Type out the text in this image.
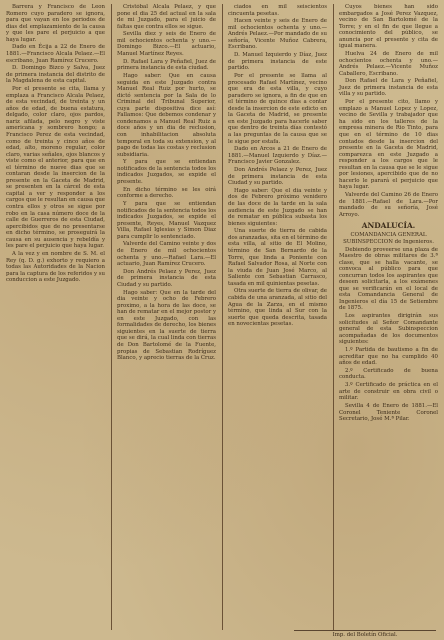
Barrera y Francisco de Leon Romero cuyo paradero se ignora, para que vayan en los periodos de dias del emplazamiento de la causa y que les pare el perjuicio a que haya lugar.

Dado en Écija a 22 de Enero de 1881.—Francisco Alcala Pelaez.—El escribano, Juan Ramírez Crucero.

D. Domingo Bizco y Salva, Juez de primera instancia del distrito de la Magdalena de esta capital.

Por el presente se cita, llama y emplaza a Francisco Alcala Pelaez, de esta vecindad, de treinta y un años de edad, de buena estatura, delgado, color claro, ojos pardos, nariz afilada, pelo negro y viste americana y sombrero hongo; a Francisco Perez de esta vecindad, como de treinta y cinco años de edad, alto, moreno regular, color claro, varias señales, ojos blancos y viste como el anterior, para que en el término de nueve dias que se contaran desde la insercion de la presente en la Gaceta de Madrid, se presenten en la cárcel de esta capital a ver y responder a los cargos que le resultan en causa que contra ellos y otros se sigue por robo en la casa número doce de la calle de Guerreros de esta Ciudad, apercibidos que de no presentarse en dicho término, se proseguirá la causa en su ausencia y rebeldía y les pare el perjuicio que haya lugar.

A la vez y en nombre de S. M. el Rey (q. D. g.) exhorto y requiero a todas las Autoridades de la Nacion para la captura de los referidos y su conduccion a este Juzgado.

Cristóbal Alcala Pelaez, y que pone el dia 25 del actual en la sala de mi Juzgado, para el juicio de faltas que contra ellos se sigue.

Sevilla diez y seis de Enero de mil ochocientos ochenta y uno.—Domingo Bizco.—El actuario, Manuel Martínez Reyes.

D. Rafael Lara y Peñafiel, Juez de primera instancia de esta ciudad.

Hago saber: Que en causa seguida en este Juzgado contra Manuel Real Ruiz por hurto, se dictó sentencia por la Sala de lo Criminal del Tribunal Superior, cuya parte dispositiva dice así: Fallamos: Que debemos condenar y condenamos a Manuel Real Ruiz a doce años y un dia de reclusion, con inhabilitacion absoluta temporal en toda su extension, y al pago de todas las costas y reclusion subsidiaria.

Y para que se entiendan notificados de la sentencia todos los indicados Juzgados, se expide el presente.

En dicho término se les oirá conforme a derecho.

Y para que se entiendan notificados de la sentencia todos los indicados Juzgados, se expide el presente, Reyes, Manuel Vazquez Villa, Rafael Iglesias y Simon Diaz para cumplir lo sentenciado.

Valverde del Camino veinte y dos de Enero de mil ochocientos ochenta y uno.—Rafael Lara.—El actuario, Juan Ramírez Crucero.

Don Andrés Pelaez y Perez, Juez de primera instancia de esta Ciudad y su partido.

Hago saber: Que en la tarde del dia veinte y ocho de Febrero proximo, a la hora de las doce, se han de rematar en el mejor postor y en este Juzgado, con las formalidades de derecho, los bienes siguientes en la suerte de tierra que se dirá, la cual linda con tierras de Don Bartolomé de la Fuente, propias de Sebastian Rodríguez Blanco, y aprecio tierras de la Cruz.

ciados en mil seiscientos cincuenta pesetas.

Hacen veinte y seis de Enero de mil ochocientos ochenta y uno.—Andrés Pelaez.—Por mandado de su señoría, Vicente Muñoz Cabrera, Escribano.

D. Manuel Izquierdo y Díaz, Juez de primera instancia de este partido.

Por el presente se llama al procesado Rafael Martínez, vecino que era de esta villa, y cuyo paradero se ignora, a fin de que en el término de quince dias a contar desde la insercion de este edicto en la Gaceta de Madrid, se presente en este Juzgado para hacerle saber que dentro de treinta días contestó a las preguntas de la causa que se le sigue por estafa.

Dado en Arcos a 21 de Enero de 1881.—Manuel Izquierdo y Díaz.—Francisco Javier Gonzalez.

Don Andrés Pelaez y Perez, Juez de primera instancia de esta Ciudad y su partido.

Hago saber: Que el dia veinte y dos de Febrero próximo venidero de las doce de la tarde en la sala audiencia de este Juzgado se han de rematar en pública subasta los bienes siguientes:

Una suerte de tierra de cabida dos aranzadas, sita en el término de esta villa, al sitio de El Molino, término de San Bernardo de la Torre, que linda a Poniente con Rafael Salvador Rosa, al Norte con la viuda de Juan José Marco, al Saliente con Sebastian Carrasco, tasada en mil quinientas pesetas.

Otra suerte de tierra de olivar, de cabida de una aranzada, al sitio del Agua de la Zarza, en el mismo término, que linda al Sur con la suerte que queda descrita, tasada en novecientas pesetas.

Cuyos bienes han sido embargados a José Perez Vazquez, vecino de San Bartolomé de la Torre; y en el fin de que llegue a conocimiento del público, se anuncia por el presente y cita de igual manera.

Huelva 24 de Enero de mil ochocientos ochenta y uno.—Andrés Pelaez.—Vicente Muñoz Caballero, Escribano.

Don Rafael de Lara y Peñafiel, Juez de primera instancia de esta villa y su partido.

Por el presente cito, llamo y emplazo a Manuel Lopez y Lopez, vecino de Sevilla y trabajador que ha sido en los talleres de la empresa minera de Rio Tinto, para que en el término de 10 dias contados desde la insercion del presente en la Gaceta de Madrid, comparezca en este Juzgado a responder a los cargos que le resultan en la causa que se le sigue por lesiones, apercibido que de no hacerlo le parará el perjuicio que haya lugar.

Valverde del Camino 26 de Enero de 1881.—Rafael de Lara.—Por mandado de su señoría, José Arroyo.

ANDALUCÍA.

COMANDANCIA GENERAL SUBINSPECCION de Ingenieros.

Debiendo proveerse una plaza de Maestro de obras militares de 3.ª clase, que se halla vacante, se convoca al público para que concurran todos los aspirantes que deseen solicitarla, a los exámenes que se verificarán en el local de esta Comandancia General de Ingenieros el día 15 de Setiembre de 1875.

Los aspirantes dirigirán sus solicitudes al Señor Comandante general de esta Subinspeccion acompañadas de los documentos siguientes:

1.º Partida de bautismo a fin de acreditar que no ha cumplido 40 años de edad.

2.º Certificado de buena conducta.

3.º Certificado de práctica en el arte de construir en obra civil o militar.

Sevilla 4 de Enero de 1881.—El Coronel Teniente Coronel Secretario, José M.ª Pilar.

Imp. del Boletín Oficial.
